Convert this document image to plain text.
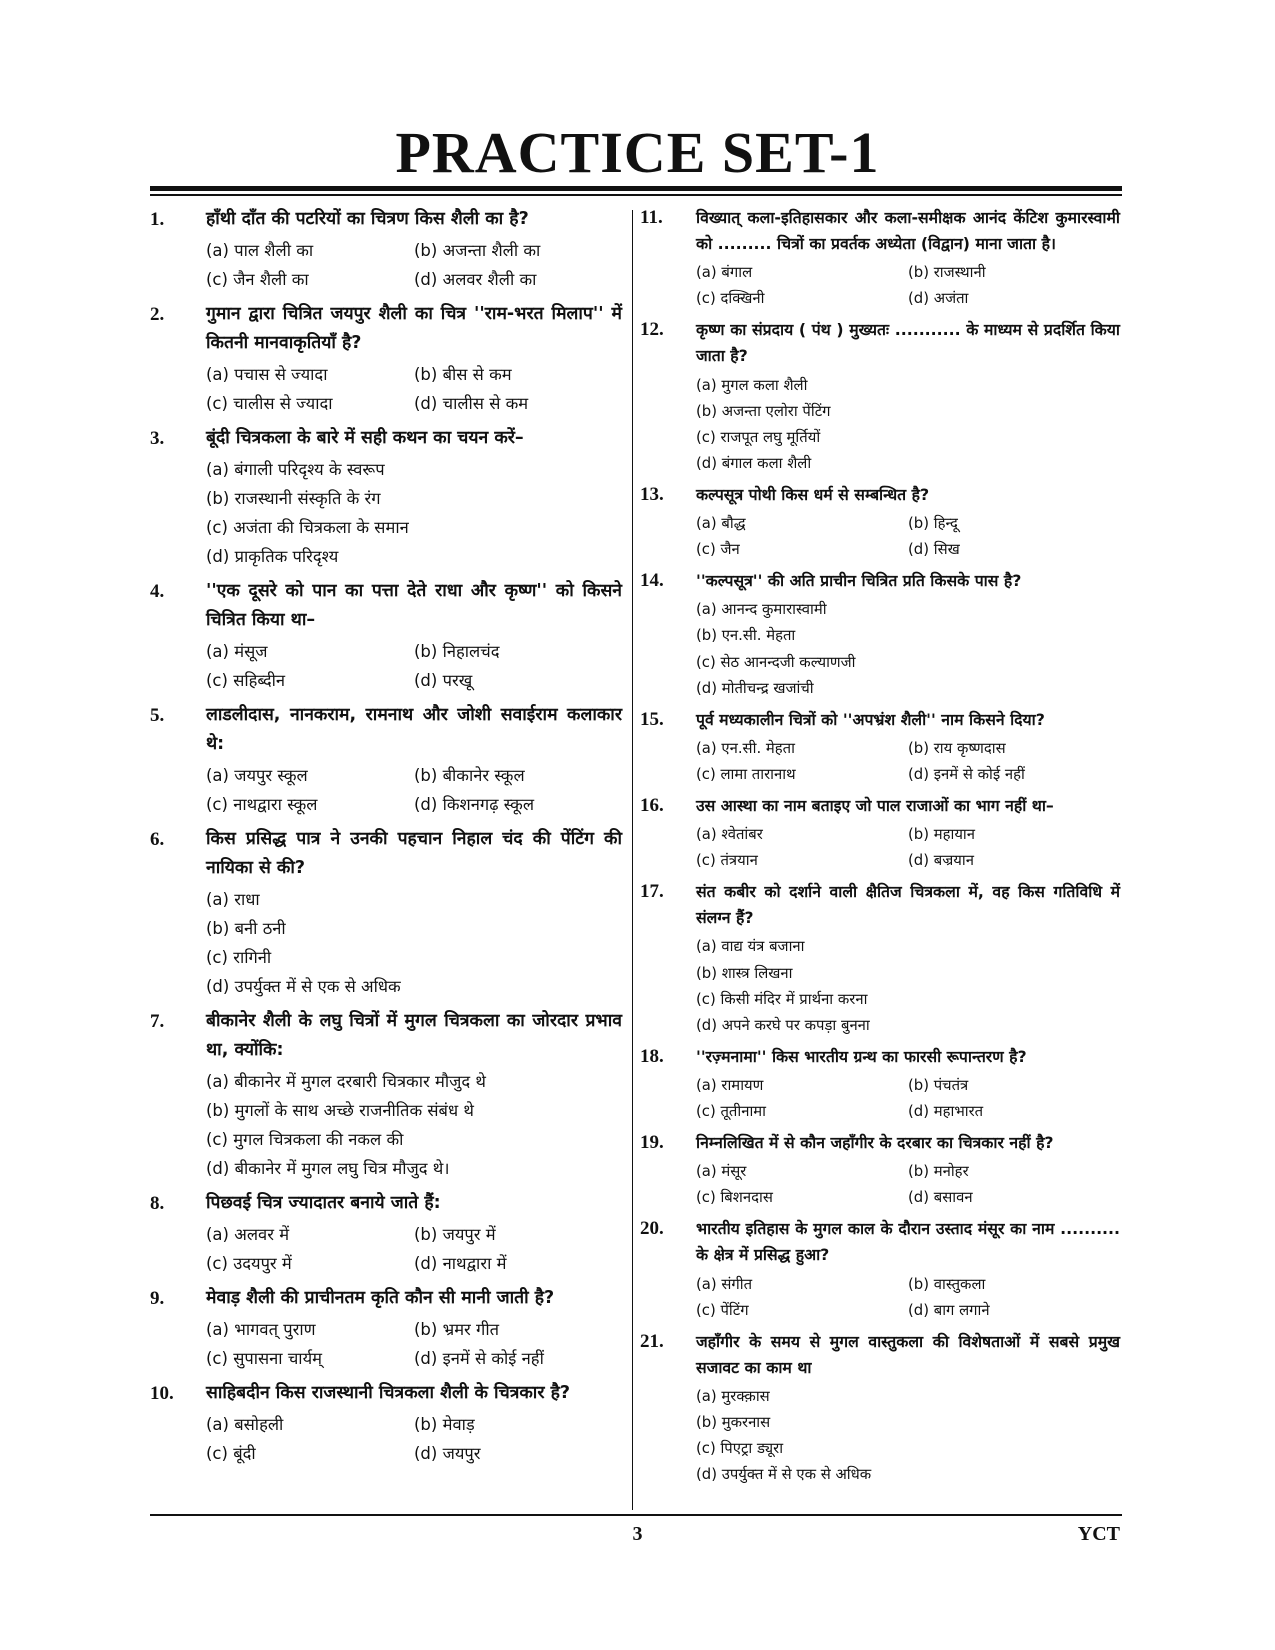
PRACTICE SET-1
1. हाँथी दाँत की पटरियों का चित्रण किस शैली का है?
(a) पाल शैली का	(b) अजन्ता शैली का
(c) जैन शैली का	(d) अलवर शैली का
2. गुमान द्वारा चित्रित जयपुर शैली का चित्र ''राम-भरत मिलाप'' में कितनी मानवाकृतियाँ है?
(a) पचास से ज्यादा	(b) बीस से कम
(c) चालीस से ज्यादा	(d) चालीस से कम
3. बूंदी चित्रकला के बारे में सही कथन का चयन करें–
(a) बंगाली परिदृश्य के स्वरूप
(b) राजस्थानी संस्कृति के रंग
(c) अजंता की चित्रकला के समान
(d) प्राकृतिक परिदृश्य
4. ''एक दूसरे को पान का पत्ता देते राधा और कृष्ण'' को किसने चित्रित किया था–
(a) मंसूज	(b) निहालचंद
(c) सहिब्दीन	(d) परखू
5. लाडलीदास, नानकराम, रामनाथ और जोशी सवाईराम कलाकार थे:
(a) जयपुर स्कूल	(b) बीकानेर स्कूल
(c) नाथद्वारा स्कूल	(d) किशनगढ़ स्कूल
6. किस प्रसिद्ध पात्र ने उनकी पहचान निहाल चंद की पेंटिंग की नायिका से की?
(a) राधा
(b) बनी ठनी
(c) रागिनी
(d) उपर्युक्त में से एक से अधिक
7. बीकानेर शैली के लघु चित्रों में मुगल चित्रकला का जोरदार प्रभाव था, क्योंकि:
(a) बीकानेर में मुगल दरबारी चित्रकार मौजुद थे
(b) मुगलों के साथ अच्छे राजनीतिक संबंध थे
(c) मुगल चित्रकला की नकल की
(d) बीकानेर में मुगल लघु चित्र मौजुद थे।
8. पिछवई चित्र ज्यादातर बनाये जाते हैं:
(a) अलवर में	(b) जयपुर में
(c) उदयपुर में	(d) नाथद्वारा में
9. मेवाड़ शैली की प्राचीनतम कृति कौन सी मानी जाती है?
(a) भागवत् पुराण	(b) भ्रमर गीत
(c) सुपासना चार्यम्	(d) इनमें से कोई नहीं
10. साहिबदीन किस राजस्थानी चित्रकला शैली के चित्रकार है?
(a) बसोहली	(b) मेवाड़
(c) बूंदी	(d) जयपुर
11. विख्यात् कला-इतिहासकार और कला-समीक्षक आनंद केंटिश कुमारस्वामी को ......... चित्रों का प्रवर्तक अध्येता (विद्वान) माना जाता है।
(a) बंगाल	(b) राजस्थानी
(c) दक्खिनी	(d) अजंता
12. कृष्ण का संप्रदाय ( पंथ ) मुख्यतः ........... के माध्यम से प्रदर्शित किया जाता है?
(a) मुगल कला शैली
(b) अजन्ता एलोरा पेंटिंग
(c) राजपूत लघु मूर्तियों
(d) बंगाल कला शैली
13. कल्पसूत्र पोथी किस धर्म से सम्बन्धित है?
(a) बौद्ध	(b) हिन्दू
(c) जैन	(d) सिख
14. ''कल्पसूत्र'' की अति प्राचीन चित्रित प्रति किसके पास है?
(a) आनन्द कुमारास्वामी
(b) एन.सी. मेहता
(c) सेठ आनन्दजी कल्याणजी
(d) मोतीचन्द्र खजांची
15. पूर्व मध्यकालीन चित्रों को ''अपभ्रंश शैली'' नाम किसने दिया?
(a) एन.सी. मेहता	(b) राय कृष्णदास
(c) लामा तारानाथ	(d) इनमें से कोई नहीं
16. उस आस्था का नाम बताइए जो पाल राजाओं का भाग नहीं था–
(a) श्वेतांबर	(b) महायान
(c) तंत्रयान	(d) बज्रयान
17. संत कबीर को दर्शाने वाली क्षैतिज चित्रकला में, वह किस गतिविधि में संलग्न हैं?
(a) वाद्य यंत्र बजाना
(b) शास्त्र लिखना
(c) किसी मंदिर में प्रार्थना करना
(d) अपने करघे पर कपड़ा बुनना
18. ''रज़्मनामा'' किस भारतीय ग्रन्थ का फारसी रूपान्तरण है?
(a) रामायण	(b) पंचतंत्र
(c) तूतीनामा	(d) महाभारत
19. निम्नलिखित में से कौन जहाँगीर के दरबार का चित्रकार नहीं है?
(a) मंसूर	(b) मनोहर
(c) बिशनदास	(d) बसावन
20. भारतीय इतिहास के मुगल काल के दौरान उस्ताद मंसूर का नाम .......... के क्षेत्र में प्रसिद्ध हुआ?
(a) संगीत	(b) वास्तुकला
(c) पेंटिंग	(d) बाग लगाने
21. जहाँगीर के समय से मुगल वास्तुकला की विशेषताओं में सबसे प्रमुख सजावट का काम था
(a) मुरक्क़ास
(b) मुकरनास
(c) पिएट्रा ड्यूरा
(d) उपर्युक्त में से एक से अधिक
3	YCT
